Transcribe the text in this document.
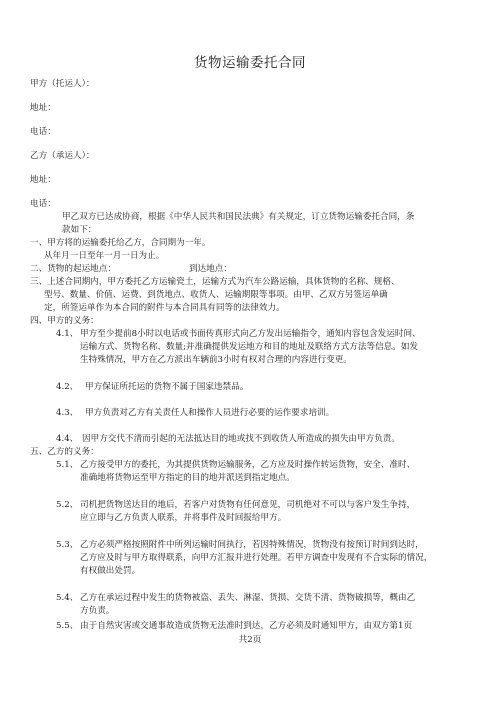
货物运输委托合同
甲方（托运人）：
地址：
电话：
乙方（承运人）：
地址：
电话：
甲乙双方已达成协商，根据《中华人民共和国民法典》有关规定，订立货物运输委托合同，条
款如下：
一、甲方将的运输委托给乙方，合同期为一年。
从年月一日至年一月一日为止。
二、货物的起运地点：	到达地点：
三、上述合同期内，甲方委托乙方运输瓷土，运输方式为汽车公路运输，具体货物的名称、规格、
型号、数量、价值、运费、到货地点、收货人、运输期限等事项。由甲、乙双方另签运单确
定，所签运单作为本合同的附件与本合同具有同等的法律效力。
四、甲方的义务：
4.1、 甲方至少提前8小时以电话或书面传真形式向乙方发出运输指令，通知内容包含发运时间、
运输方式、货物名称、数量;并准确提供发运地方和目的地址及联络方式方法等信息。如发
生特殊情况，甲方在乙方派出车辆前3小时有权对合理的内容进行变更。
4.2、 甲方保证所托运的货物不属于国家违禁品。
4.3、 甲方负责对乙方有关责任人和操作人员进行必要的运作要求培训。
4.4、 因甲方交代不清而引起的无法抵达目的地或找不到收货人所造成的损失由甲方负责。
五、乙方的义务：
5.1、 乙方接受甲方的委托，为其提供货物运输服务，乙方应及时操作转运货物，安全、准时、
准确地将货物运至甲方指定的目的地并派送到指定地点。
5.2、 司机把货物送达目的地后，若客户对货物有任何意见，司机绝对不可以与客户发生争持，
应立即与乙方负责人联系，并将事件及时回报给甲方。
5.3、 乙方必须严格按照附件中所列运输时间执行，若因特殊情况，货物没有按预订时间到达时，
乙方应及时与甲方取得联系，向甲方汇报并进行处理。若甲方调查中发现有不合实际的情况，
有权做出处罚。
5.4、 乙方在承运过程中发生的货物被盗、丢失、淋湿、货损、交货不清、货物破损等，概由乙
方负责。
5.5、 由于自然灾害或交通事故造成货物无法准时到达，乙方必须及时通知甲方，由双方第1页
共2页
